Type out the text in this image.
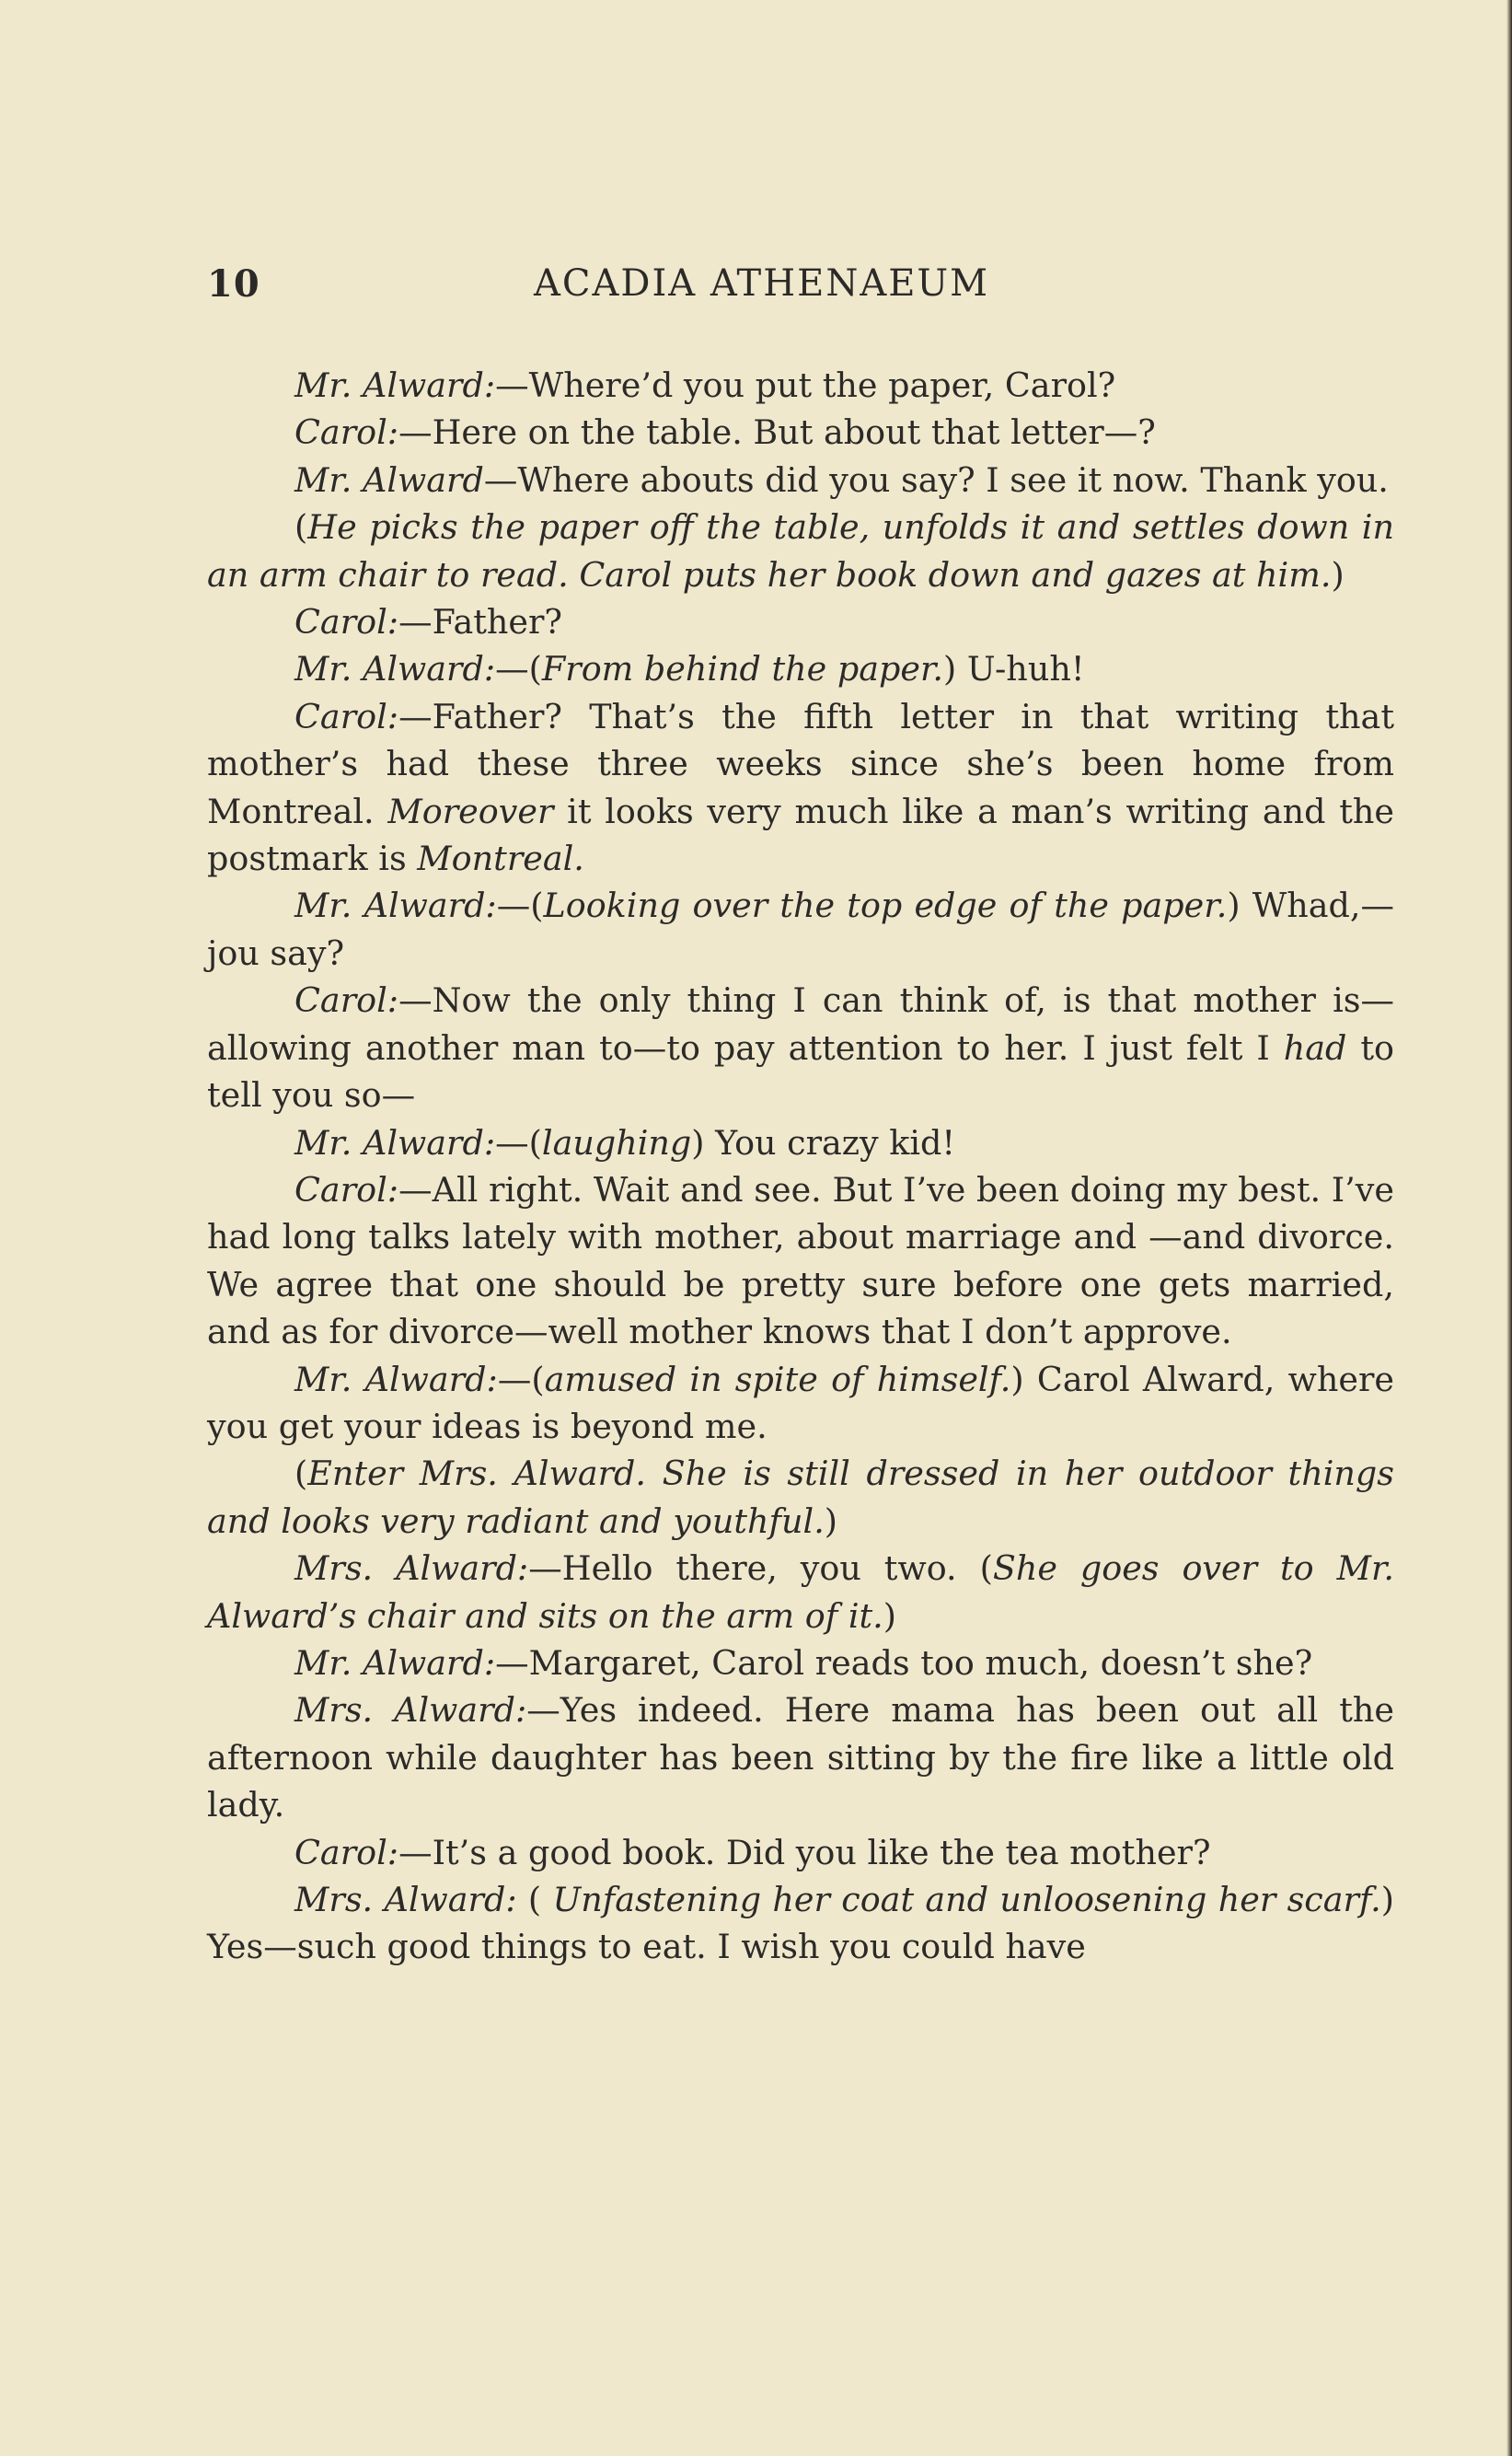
10	ACADIA ATHENAEUM

Mr. Alward:—Where’d you put the paper, Carol?

Carol:—Here on the table. But about that letter—?

Mr. Alward—Where abouts did you say? I see it now. Thank you.

(He picks the paper off the table, unfolds it and settles down in an arm chair to read. Carol puts her book down and gazes at him.)

Carol:—Father?

Mr. Alward:—(From behind the paper.) U-huh!

Carol:—Father? That’s the fifth letter in that writing that mother’s had these three weeks since she’s been home from Montreal. Moreover it looks very much like a man’s writing and the postmark is Montreal.

Mr. Alward:—(Looking over the top edge of the paper.) Whad,—jou say?

Carol:—Now the only thing I can think of, is that mother is—allowing another man to—to pay attention to her. I just felt I had to tell you so—

Mr. Alward:—(laughing) You crazy kid!

Carol:—All right. Wait and see. But I’ve been doing my best. I’ve had long talks lately with mother, about marriage and —and divorce. We agree that one should be pretty sure before one gets married, and as for divorce—well mother knows that I don’t approve.

Mr. Alward:—(amused in spite of himself.) Carol Alward, where you get your ideas is beyond me.

(Enter Mrs. Alward. She is still dressed in her outdoor things and looks very radiant and youthful.)

Mrs. Alward:—Hello there, you two. (She goes over to Mr. Alward’s chair and sits on the arm of it.)

Mr. Alward:—Margaret, Carol reads too much, doesn’t she?

Mrs. Alward:—Yes indeed. Here mama has been out all the afternoon while daughter has been sitting by the fire like a little old lady.

Carol:—It’s a good book. Did you like the tea mother?

Mrs. Alward: ( Unfastening her coat and unloosening her scarf.) Yes—such good things to eat. I wish you could have
